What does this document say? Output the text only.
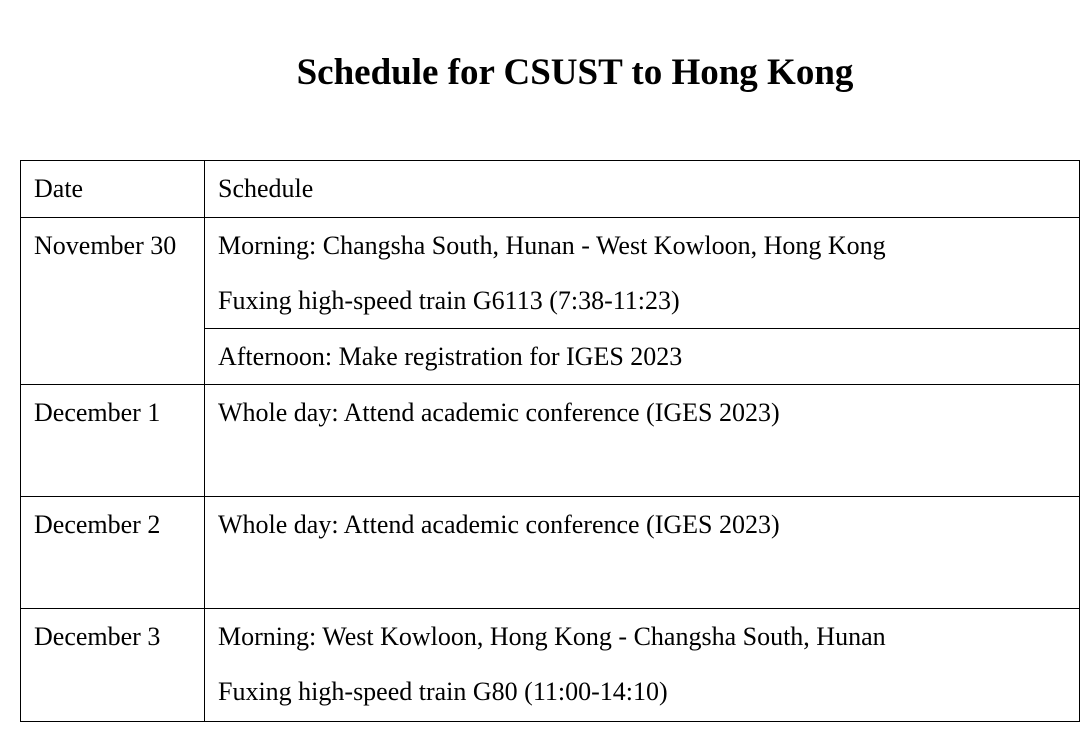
Schedule for CSUST to Hong Kong
Date	Schedule
November 30	Morning: Changsha South, Hunan - West Kowloon, Hong Kong
Fuxing high-speed train G6113 (7:38-11:23)

	Afternoon: Make registration for IGES 2023
December 1	Whole day: Attend academic conference (IGES 2023)
December 2	Whole day: Attend academic conference (IGES 2023)
December 3	Morning: West Kowloon, Hong Kong - Changsha South, Hunan
Fuxing high-speed train G80 (11:00-14:10)
